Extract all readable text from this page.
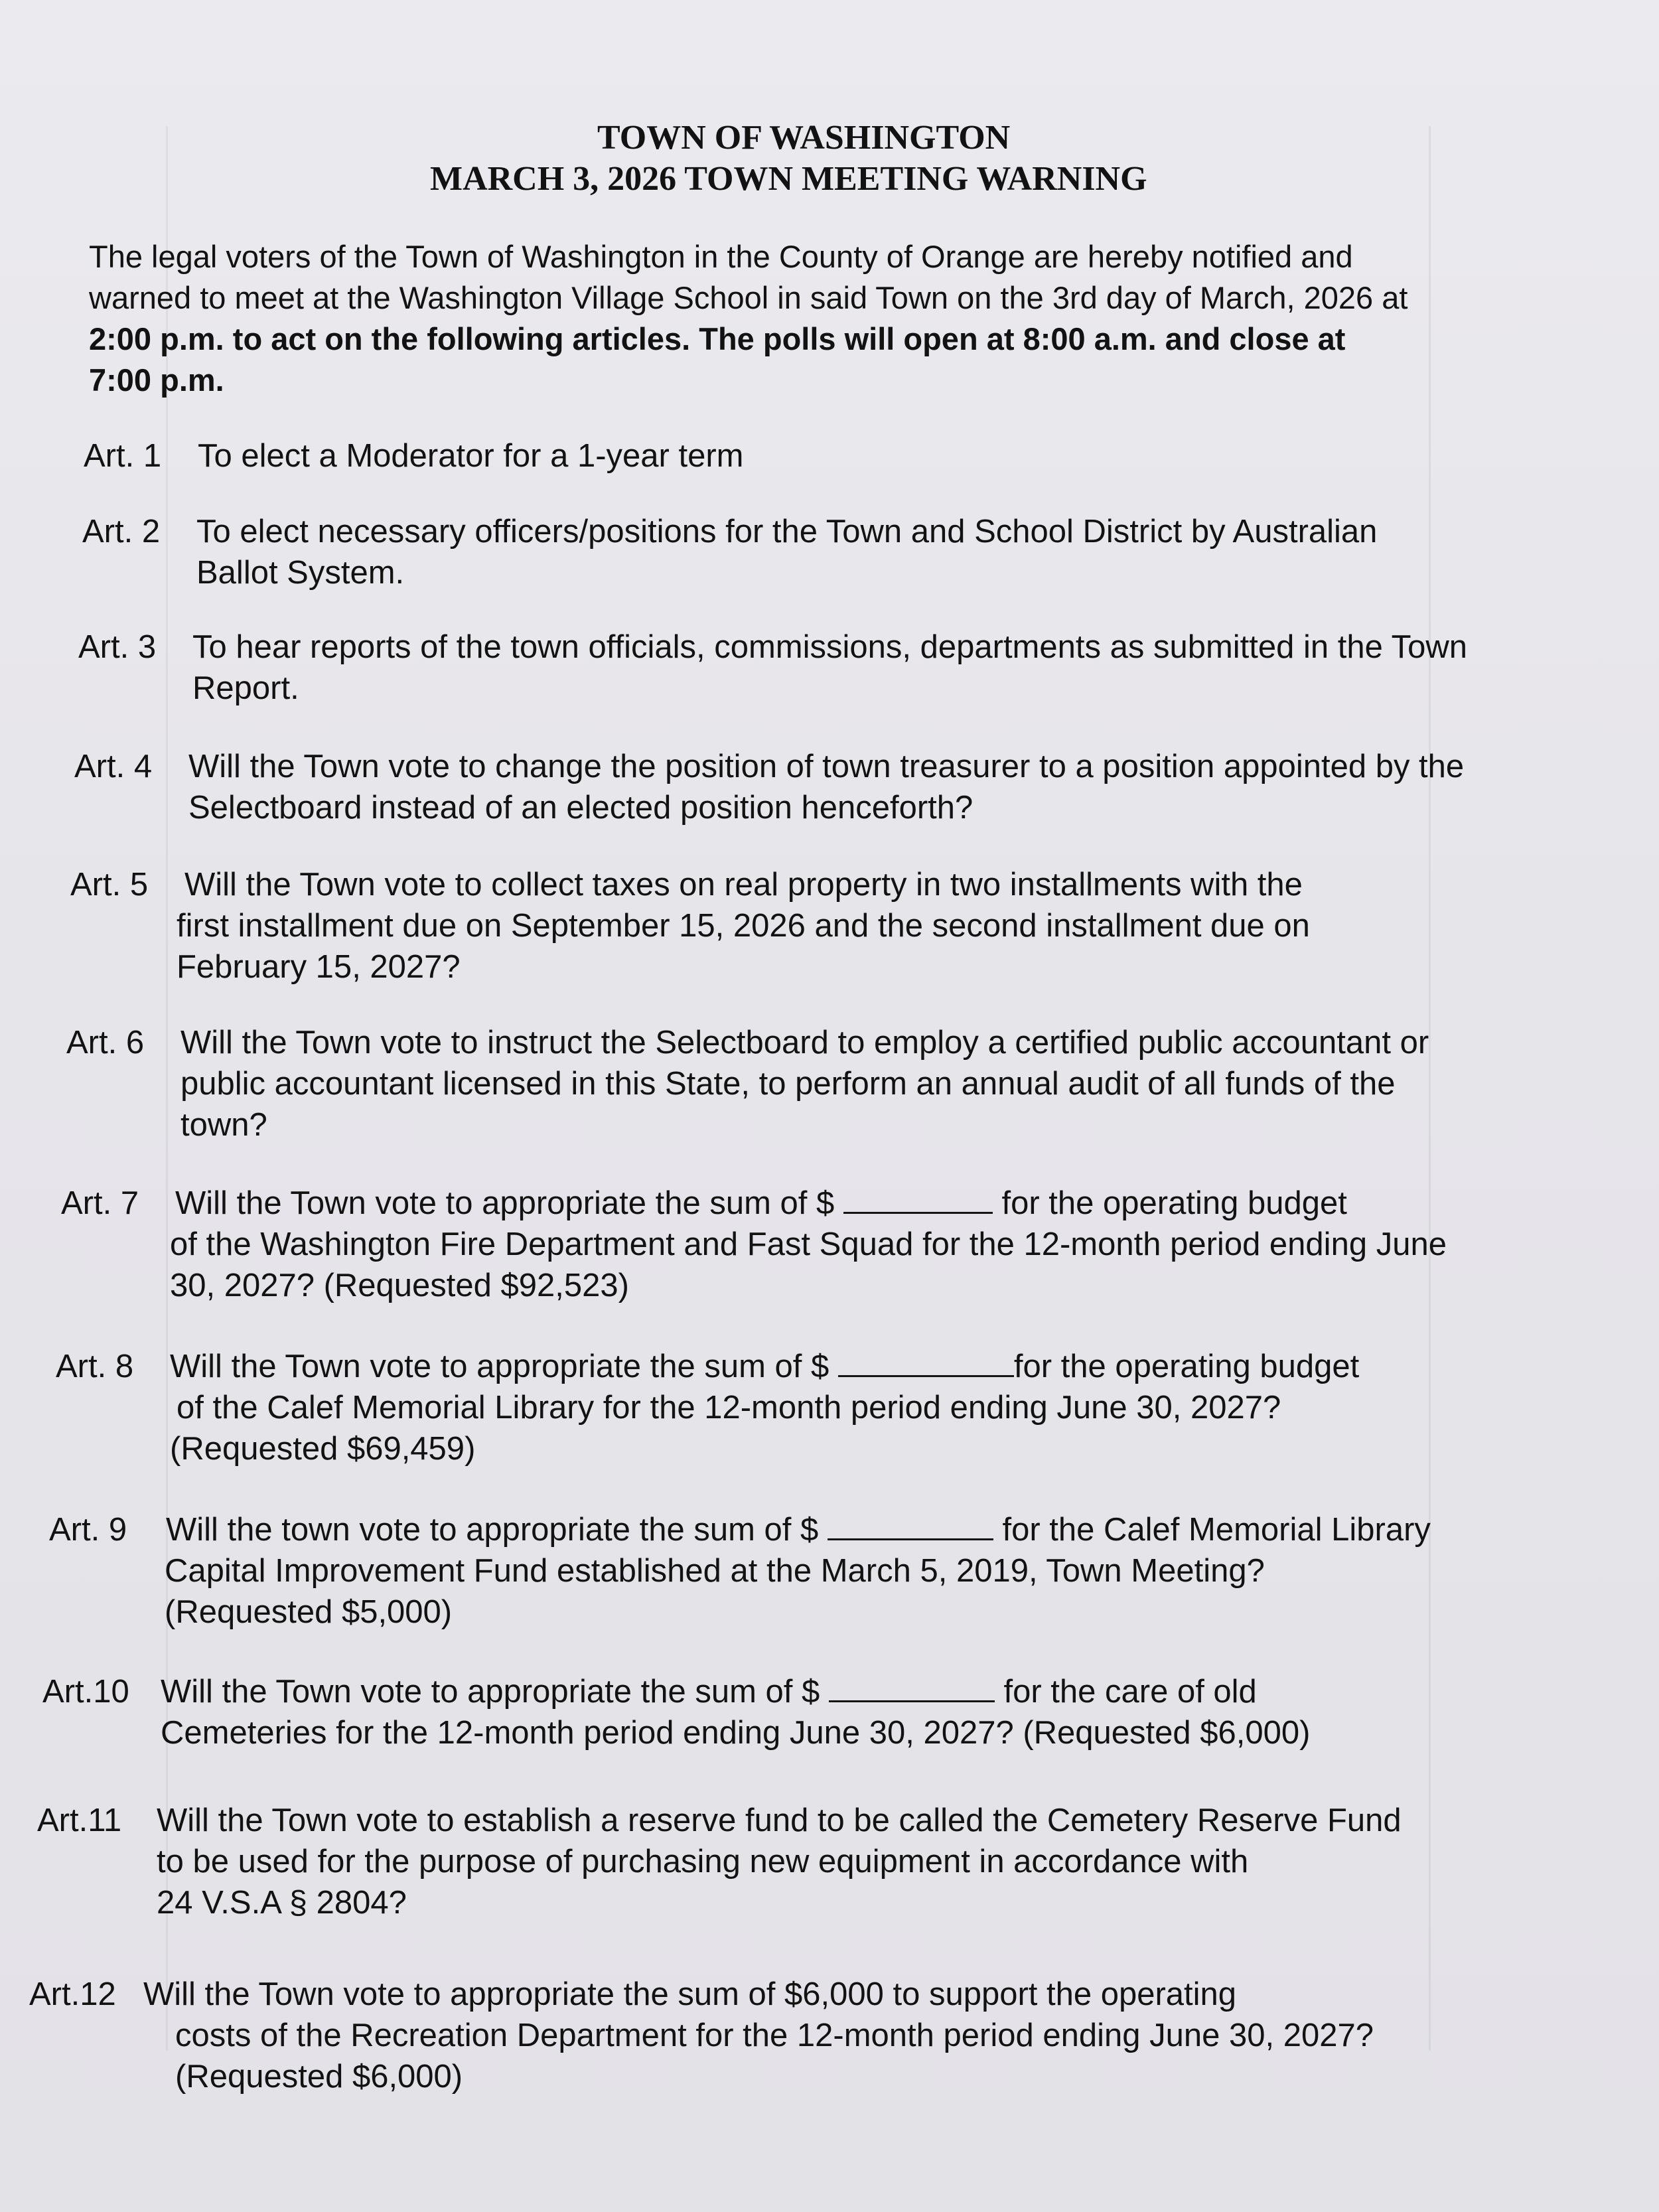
TOWN OF WASHINGTON
MARCH 3, 2026 TOWN MEETING WARNING
The legal voters of the Town of Washington in the County of Orange are hereby notified and
warned to meet at the Washington Village School in said Town on the 3rd day of March, 2026 at
2:00 p.m. to act on the following articles. The polls will open at 8:00 a.m. and close at
7:00 p.m.
Art. 1 To elect a Moderator for a 1-year term
Art. 2 To elect necessary officers/positions for the Town and School District by Australian
Ballot System.
Art. 3 To hear reports of the town officials, commissions, departments as submitted in the Town
Report.
Art. 4 Will the Town vote to change the position of town treasurer to a position appointed by the
Selectboard instead of an elected position henceforth?
Art. 5 Will the Town vote to collect taxes on real property in two installments with the
first installment due on September 15, 2026 and the second installment due on
February 15, 2027?
Art. 6 Will the Town vote to instruct the Selectboard to employ a certified public accountant or
public accountant licensed in this State, to perform an annual audit of all funds of the
town?
Art. 7 Will the Town vote to appropriate the sum of $	for the operating budget
of the Washington Fire Department and Fast Squad for the 12-month period ending June
30, 2027? (Requested $92,523)
Art. 8 Will the Town vote to appropriate the sum of $	for the operating budget
of the Calef Memorial Library for the 12-month period ending June 30, 2027?
(Requested $69,459)
Art. 9 Will the town vote to appropriate the sum of $	for the Calef Memorial Library
Capital Improvement Fund established at the March 5, 2019, Town Meeting?
(Requested $5,000)
Art.10 Will the Town vote to appropriate the sum of $	for the care of old
Cemeteries for the 12-month period ending June 30, 2027? (Requested $6,000)
Art.11 Will the Town vote to establish a reserve fund to be called the Cemetery Reserve Fund
to be used for the purpose of purchasing new equipment in accordance with
24 V.S.A § 2804?
Art.12 Will the Town vote to appropriate the sum of $6,000 to support the operating
costs of the Recreation Department for the 12-month period ending June 30, 2027?
(Requested $6,000)
